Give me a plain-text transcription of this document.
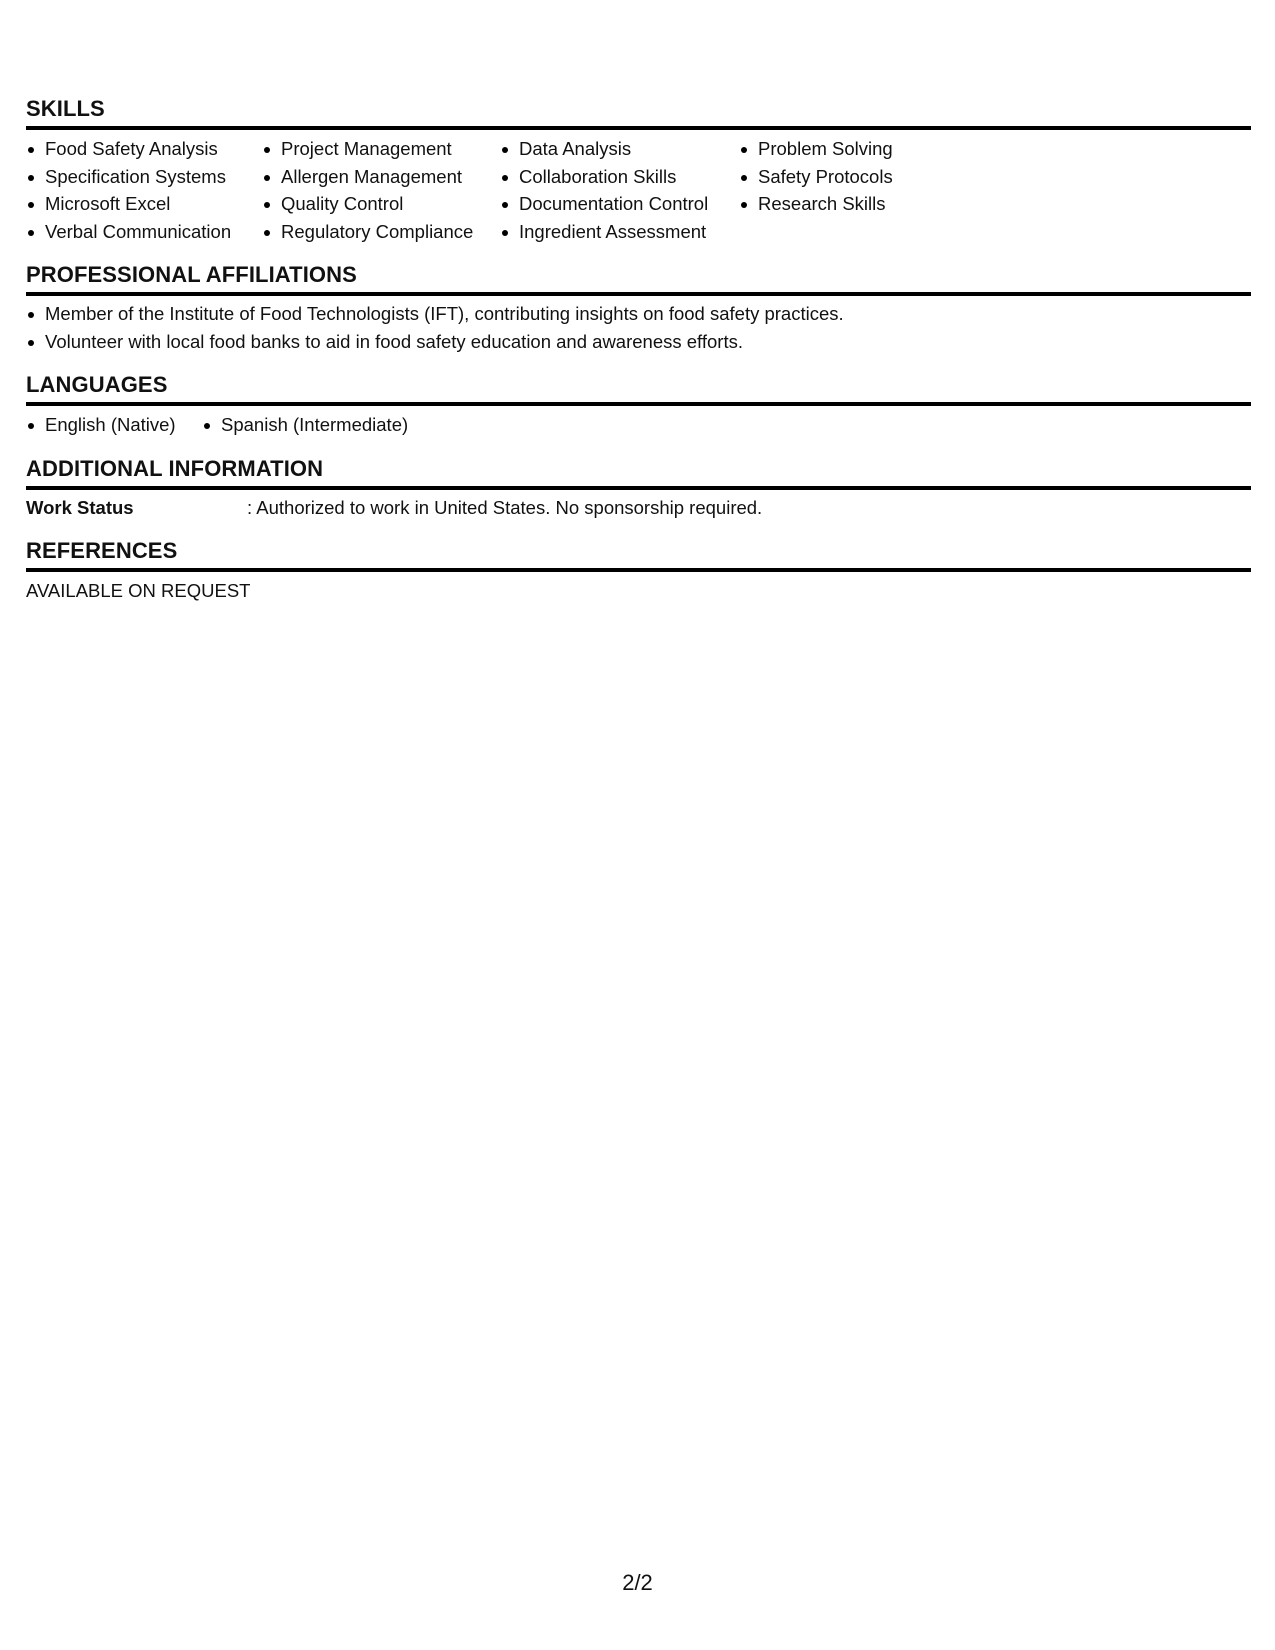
SKILLS
Food Safety Analysis
Specification Systems
Microsoft Excel
Verbal Communication
Project Management
Allergen Management
Quality Control
Regulatory Compliance
Data Analysis
Collaboration Skills
Documentation Control
Ingredient Assessment
Problem Solving
Safety Protocols
Research Skills
PROFESSIONAL AFFILIATIONS
Member of the Institute of Food Technologists (IFT), contributing insights on food safety practices.
Volunteer with local food banks to aid in food safety education and awareness efforts.
LANGUAGES
English (Native)	Spanish (Intermediate)
ADDITIONAL INFORMATION
Work Status	: Authorized to work in United States. No sponsorship required.
REFERENCES
AVAILABLE ON REQUEST
2/2
